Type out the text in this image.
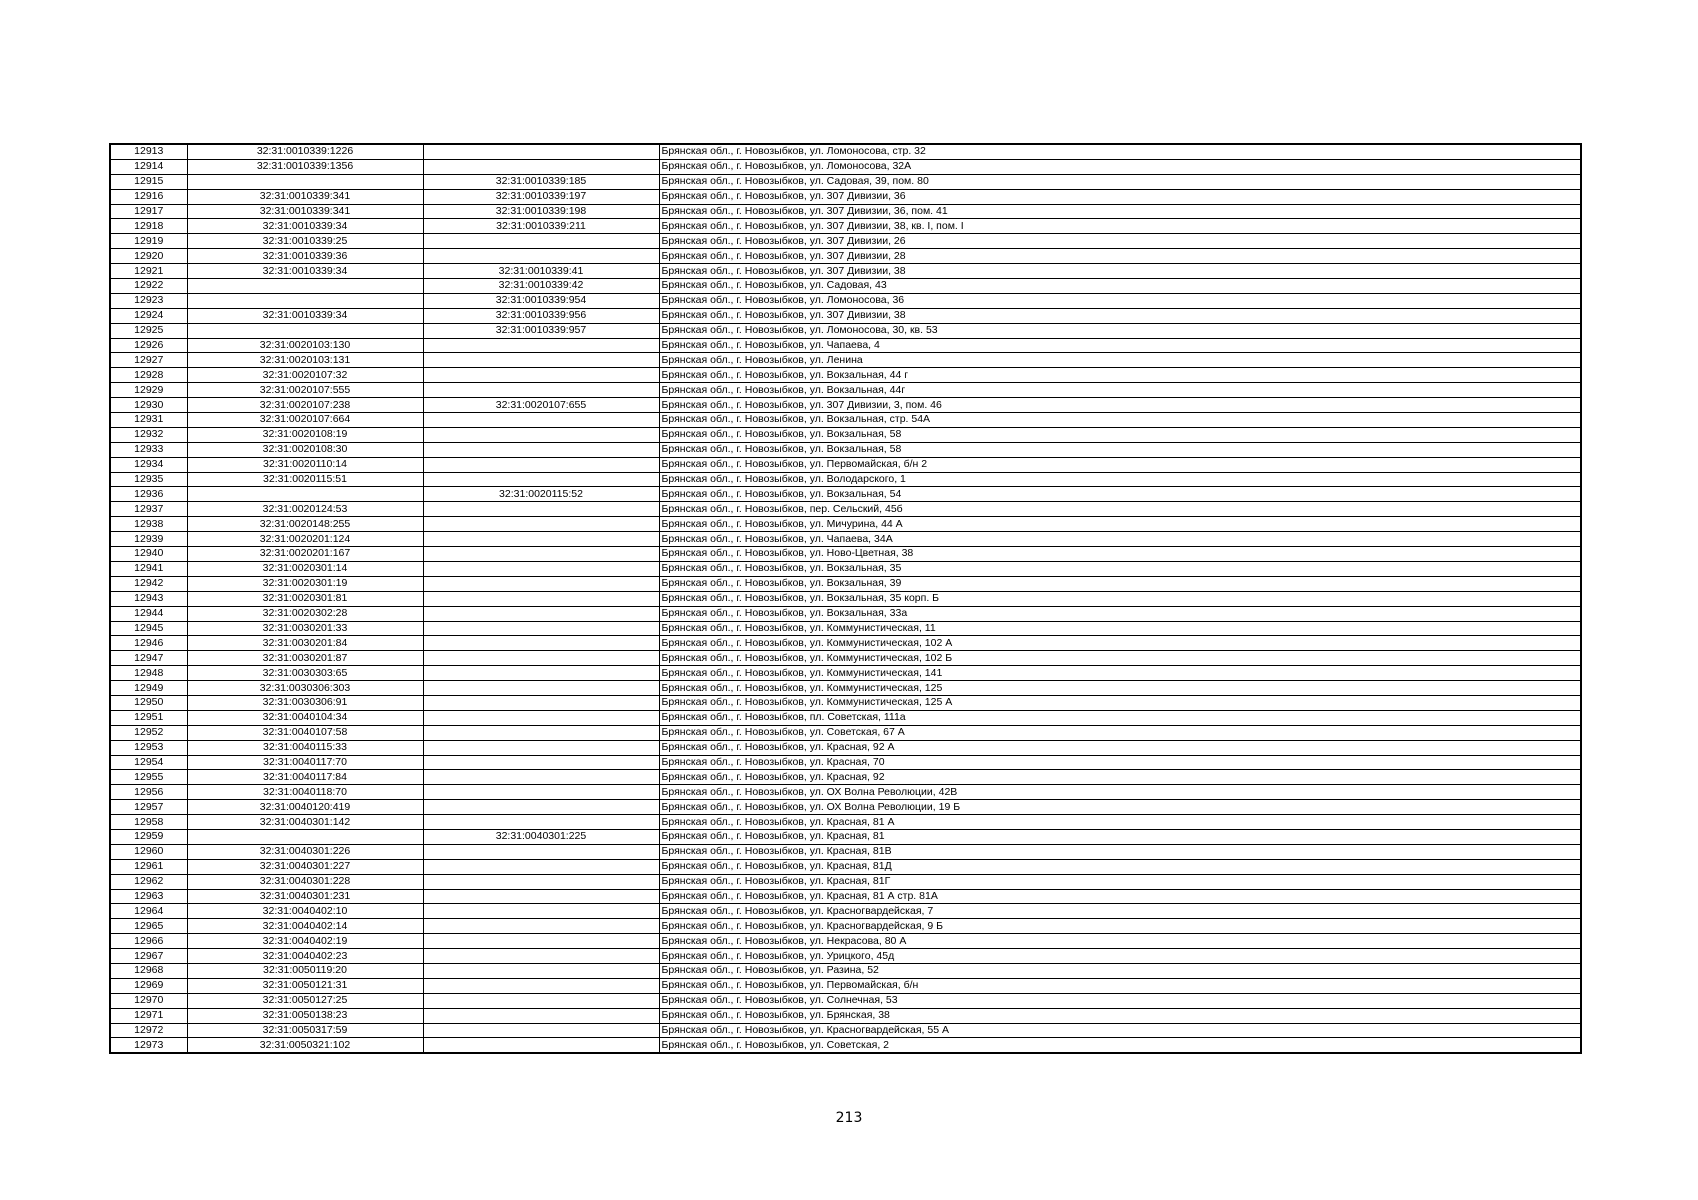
12913	32:31:0010339:1226		Брянская обл., г. Новозыбков, ул. Ломоносова, стр. 32
12914	32:31:0010339:1356		Брянская обл., г. Новозыбков, ул. Ломоносова, 32А
12915		32:31:0010339:185	Брянская обл., г. Новозыбков, ул. Садовая, 39, пом. 80
12916	32:31:0010339:341	32:31:0010339:197	Брянская обл., г. Новозыбков, ул. 307 Дивизии, 36
12917	32:31:0010339:341	32:31:0010339:198	Брянская обл., г. Новозыбков, ул. 307 Дивизии, 36, пом. 41
12918	32:31:0010339:34	32:31:0010339:211	Брянская обл., г. Новозыбков, ул. 307 Дивизии, 38, кв. I, пом. I
12919	32:31:0010339:25		Брянская обл., г. Новозыбков, ул. 307 Дивизии, 26
12920	32:31:0010339:36		Брянская обл., г. Новозыбков, ул. 307 Дивизии, 28
12921	32:31:0010339:34	32:31:0010339:41	Брянская обл., г. Новозыбков, ул. 307 Дивизии, 38
12922		32:31:0010339:42	Брянская обл., г. Новозыбков, ул. Садовая, 43
12923		32:31:0010339:954	Брянская обл., г. Новозыбков, ул. Ломоносова, 36
12924	32:31:0010339:34	32:31:0010339:956	Брянская обл., г. Новозыбков, ул. 307 Дивизии, 38
12925		32:31:0010339:957	Брянская обл., г. Новозыбков, ул. Ломоносова, 30, кв. 53
12926	32:31:0020103:130		Брянская обл., г. Новозыбков, ул. Чапаева, 4
12927	32:31:0020103:131		Брянская обл., г. Новозыбков, ул. Ленина
12928	32:31:0020107:32		Брянская обл., г. Новозыбков, ул. Вокзальная, 44 г
12929	32:31:0020107:555		Брянская обл., г. Новозыбков, ул. Вокзальная, 44г
12930	32:31:0020107:238	32:31:0020107:655	Брянская обл., г. Новозыбков, ул. 307 Дивизии, 3, пом. 46
12931	32:31:0020107:664		Брянская обл., г. Новозыбков, ул. Вокзальная, стр. 54А
12932	32:31:0020108:19		Брянская обл., г. Новозыбков, ул. Вокзальная, 58
12933	32:31:0020108:30		Брянская обл., г. Новозыбков, ул. Вокзальная, 58
12934	32:31:0020110:14		Брянская обл., г. Новозыбков, ул. Первомайская, б/н 2
12935	32:31:0020115:51		Брянская обл., г. Новозыбков, ул. Володарского, 1
12936		32:31:0020115:52	Брянская обл., г. Новозыбков, ул. Вокзальная, 54
12937	32:31:0020124:53		Брянская обл., г. Новозыбков, пер. Сельский, 45б
12938	32:31:0020148:255		Брянская обл., г. Новозыбков, ул. Мичурина, 44 А
12939	32:31:0020201:124		Брянская обл., г. Новозыбков, ул. Чапаева, 34А
12940	32:31:0020201:167		Брянская обл., г. Новозыбков, ул. Ново-Цветная, 38
12941	32:31:0020301:14		Брянская обл., г. Новозыбков, ул. Вокзальная, 35
12942	32:31:0020301:19		Брянская обл., г. Новозыбков, ул. Вокзальная, 39
12943	32:31:0020301:81		Брянская обл., г. Новозыбков, ул. Вокзальная, 35 корп. Б
12944	32:31:0020302:28		Брянская обл., г. Новозыбков, ул. Вокзальная, 33а
12945	32:31:0030201:33		Брянская обл., г. Новозыбков, ул. Коммунистическая, 11
12946	32:31:0030201:84		Брянская обл., г. Новозыбков, ул. Коммунистическая, 102 А
12947	32:31:0030201:87		Брянская обл., г. Новозыбков, ул. Коммунистическая, 102 Б
12948	32:31:0030303:65		Брянская обл., г. Новозыбков, ул. Коммунистическая, 141
12949	32:31:0030306:303		Брянская обл., г. Новозыбков, ул. Коммунистическая, 125
12950	32:31:0030306:91		Брянская обл., г. Новозыбков, ул. Коммунистическая, 125 А
12951	32:31:0040104:34		Брянская обл., г. Новозыбков, пл. Советская, 111а
12952	32:31:0040107:58		Брянская обл., г. Новозыбков, ул. Советская, 67 А
12953	32:31:0040115:33		Брянская обл., г. Новозыбков, ул. Красная, 92 А
12954	32:31:0040117:70		Брянская обл., г. Новозыбков, ул. Красная, 70
12955	32:31:0040117:84		Брянская обл., г. Новозыбков, ул. Красная, 92
12956	32:31:0040118:70		Брянская обл., г. Новозыбков, ул. ОХ Волна Революции, 42В
12957	32:31:0040120:419		Брянская обл., г. Новозыбков, ул. ОХ Волна Революции, 19 Б
12958	32:31:0040301:142		Брянская обл., г. Новозыбков, ул. Красная, 81 А
12959		32:31:0040301:225	Брянская обл., г. Новозыбков, ул. Красная, 81
12960	32:31:0040301:226		Брянская обл., г. Новозыбков, ул. Красная, 81В
12961	32:31:0040301:227		Брянская обл., г. Новозыбков, ул. Красная, 81Д
12962	32:31:0040301:228		Брянская обл., г. Новозыбков, ул. Красная, 81Г
12963	32:31:0040301:231		Брянская обл., г. Новозыбков, ул. Красная, 81 А стр. 81А
12964	32:31:0040402:10		Брянская обл., г. Новозыбков, ул. Красногвардейская, 7
12965	32:31:0040402:14		Брянская обл., г. Новозыбков, ул. Красногвардейская, 9 Б
12966	32:31:0040402:19		Брянская обл., г. Новозыбков, ул. Некрасова, 80 А
12967	32:31:0040402:23		Брянская обл., г. Новозыбков, ул. Урицкого, 45д
12968	32:31:0050119:20		Брянская обл., г. Новозыбков, ул. Разина, 52
12969	32:31:0050121:31		Брянская обл., г. Новозыбков, ул. Первомайская, б/н
12970	32:31:0050127:25		Брянская обл., г. Новозыбков, ул. Солнечная, 53
12971	32:31:0050138:23		Брянская обл., г. Новозыбков, ул. Брянская, 38
12972	32:31:0050317:59		Брянская обл., г. Новозыбков, ул. Красногвардейская, 55 А
12973	32:31:0050321:102		Брянская обл., г. Новозыбков, ул. Советская, 2
213
